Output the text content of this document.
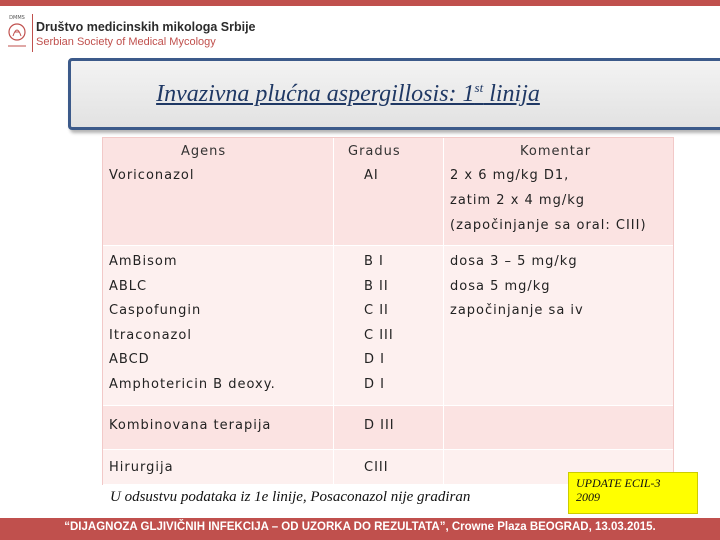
DMMS
Društvo medicinskih mikologa Srbije
Serbian Society of Medical Mycology
Invazivna plućna aspergillosis: 1st linija
Agens
Voriconazol
Gradus
AI
Komentar
2 x 6 mg/kg D1,
zatim 2 x 4 mg/kg
(započinjanje sa oral: CIII)
AmBisom
ABLC
Caspofungin
Itraconazol
ABCD
Amphotericin B deoxy.
B I
B II
C II
C III
D I
D I
dosa 3 – 5 mg/kg
dosa 5 mg/kg
započinjanje sa iv
Kombinovana terapija	D III
Hirurgija	CIII
U odsustvu podataka iz 1e linije, Posaconazol nije gradiran
UPDATE ECIL-3
2009
“DIJAGNOZA GLJIVIČNIH INFEKCIJA – OD UZORKA DO REZULTATA”, Crowne Plaza BEOGRAD, 13.03.2015.
